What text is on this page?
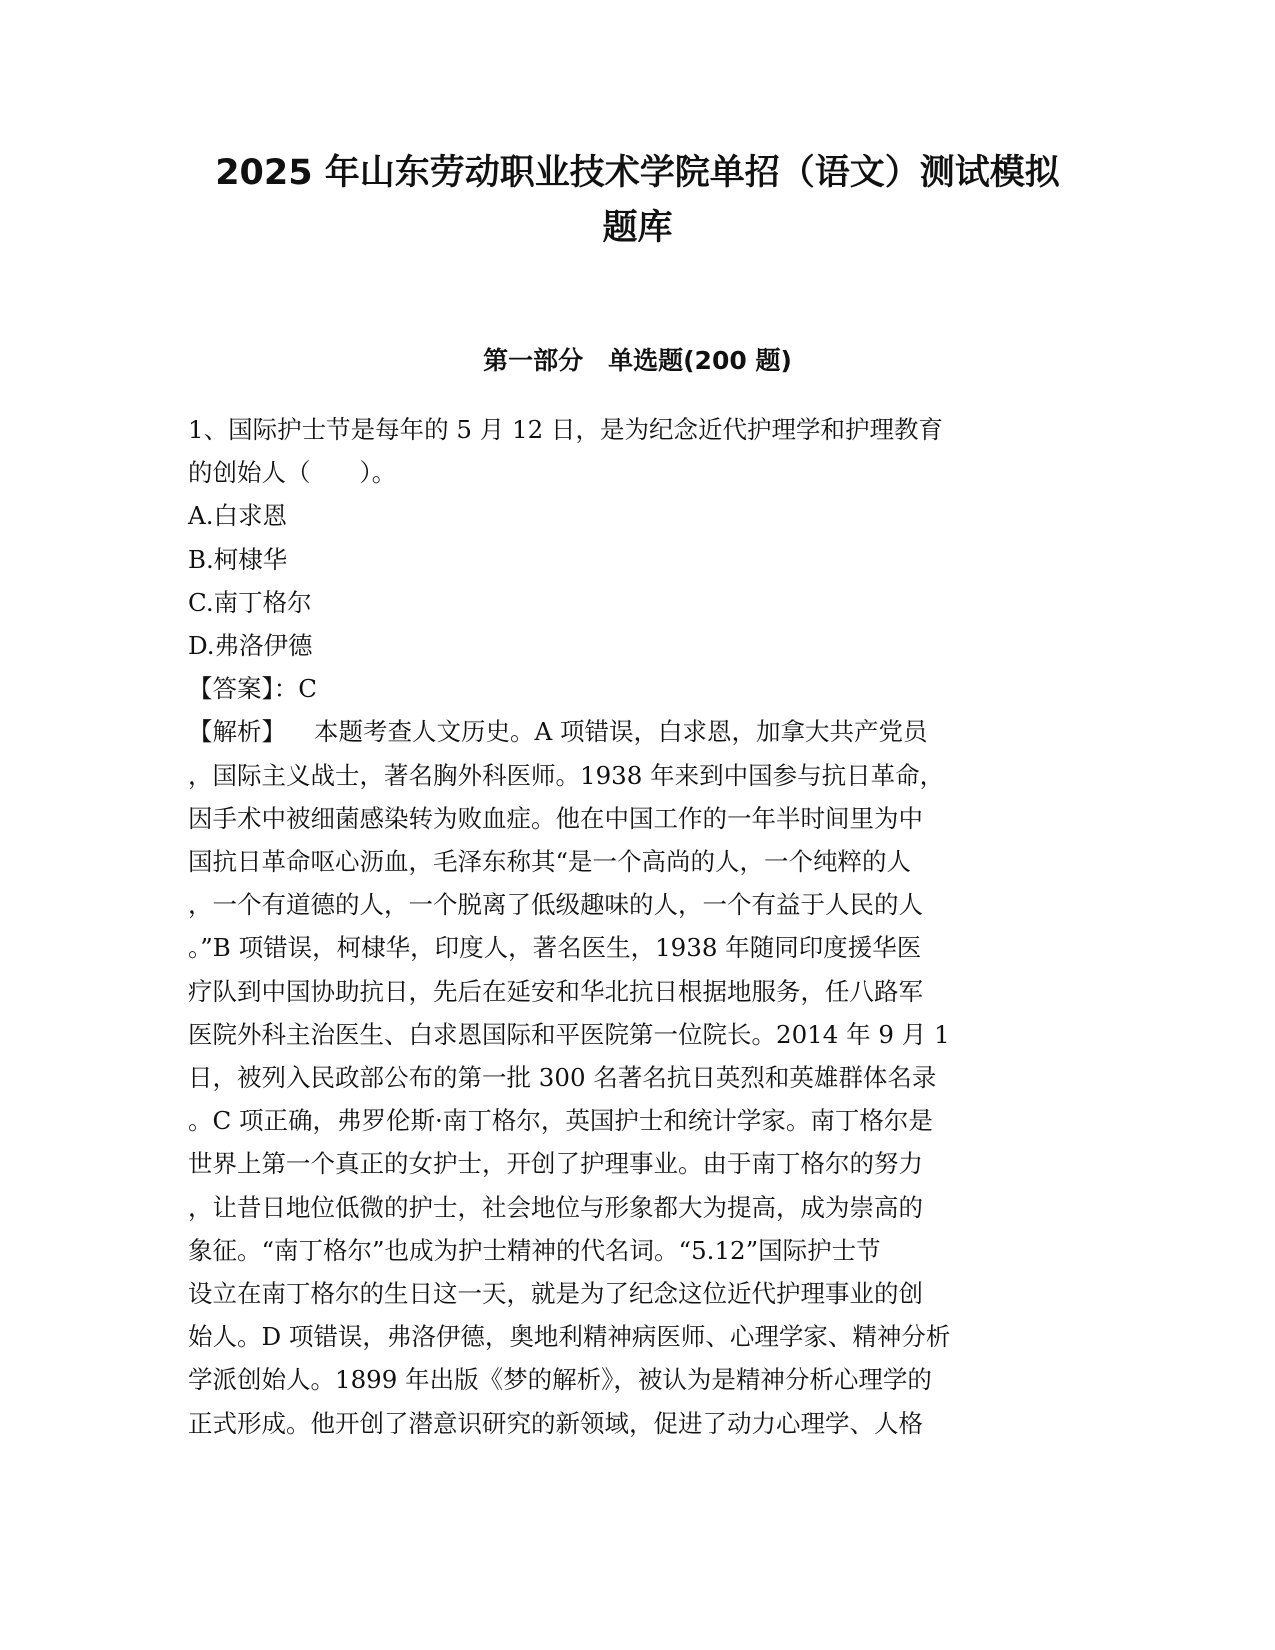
2025 年山东劳动职业技术学院单招（语文）测试模拟
题库
第一部分　单选题(200 题)

1、国际护士节是每年的 5 月 12 日，是为纪念近代护理学和护理教育
的创始人（　　）。

A.白求恩
B.柯棣华
C.南丁格尔
D.弗洛伊德
【答案】：C
【解析】 本题考查人文历史。A 项错误，白求恩，加拿大共产党员
，国际主义战士，著名胸外科医师。1938 年来到中国参与抗日革命，
因手术中被细菌感染转为败血症。他在中国工作的一年半时间里为中
国抗日革命呕心沥血，毛泽东称其“是一个高尚的人，一个纯粹的人
，一个有道德的人，一个脱离了低级趣味的人，一个有益于人民的人
。”B 项错误，柯棣华，印度人，著名医生，1938 年随同印度援华医
疗队到中国协助抗日，先后在延安和华北抗日根据地服务，任八路军
医院外科主治医生、白求恩国际和平医院第一位院长。2014 年 9 月 1
日，被列入民政部公布的第一批 300 名著名抗日英烈和英雄群体名录
。C 项正确，弗罗伦斯·南丁格尔，英国护士和统计学家。南丁格尔是
世界上第一个真正的女护士，开创了护理事业。由于南丁格尔的努力
，让昔日地位低微的护士，社会地位与形象都大为提高，成为崇高的
象征。“南丁格尔”也成为护士精神的代名词。“5.12”国际护士节
设立在南丁格尔的生日这一天，就是为了纪念这位近代护理事业的创
始人。D 项错误，弗洛伊德，奥地利精神病医师、心理学家、精神分析
学派创始人。1899 年出版《梦的解析》，被认为是精神分析心理学的
正式形成。他开创了潜意识研究的新领域，促进了动力心理学、人格
